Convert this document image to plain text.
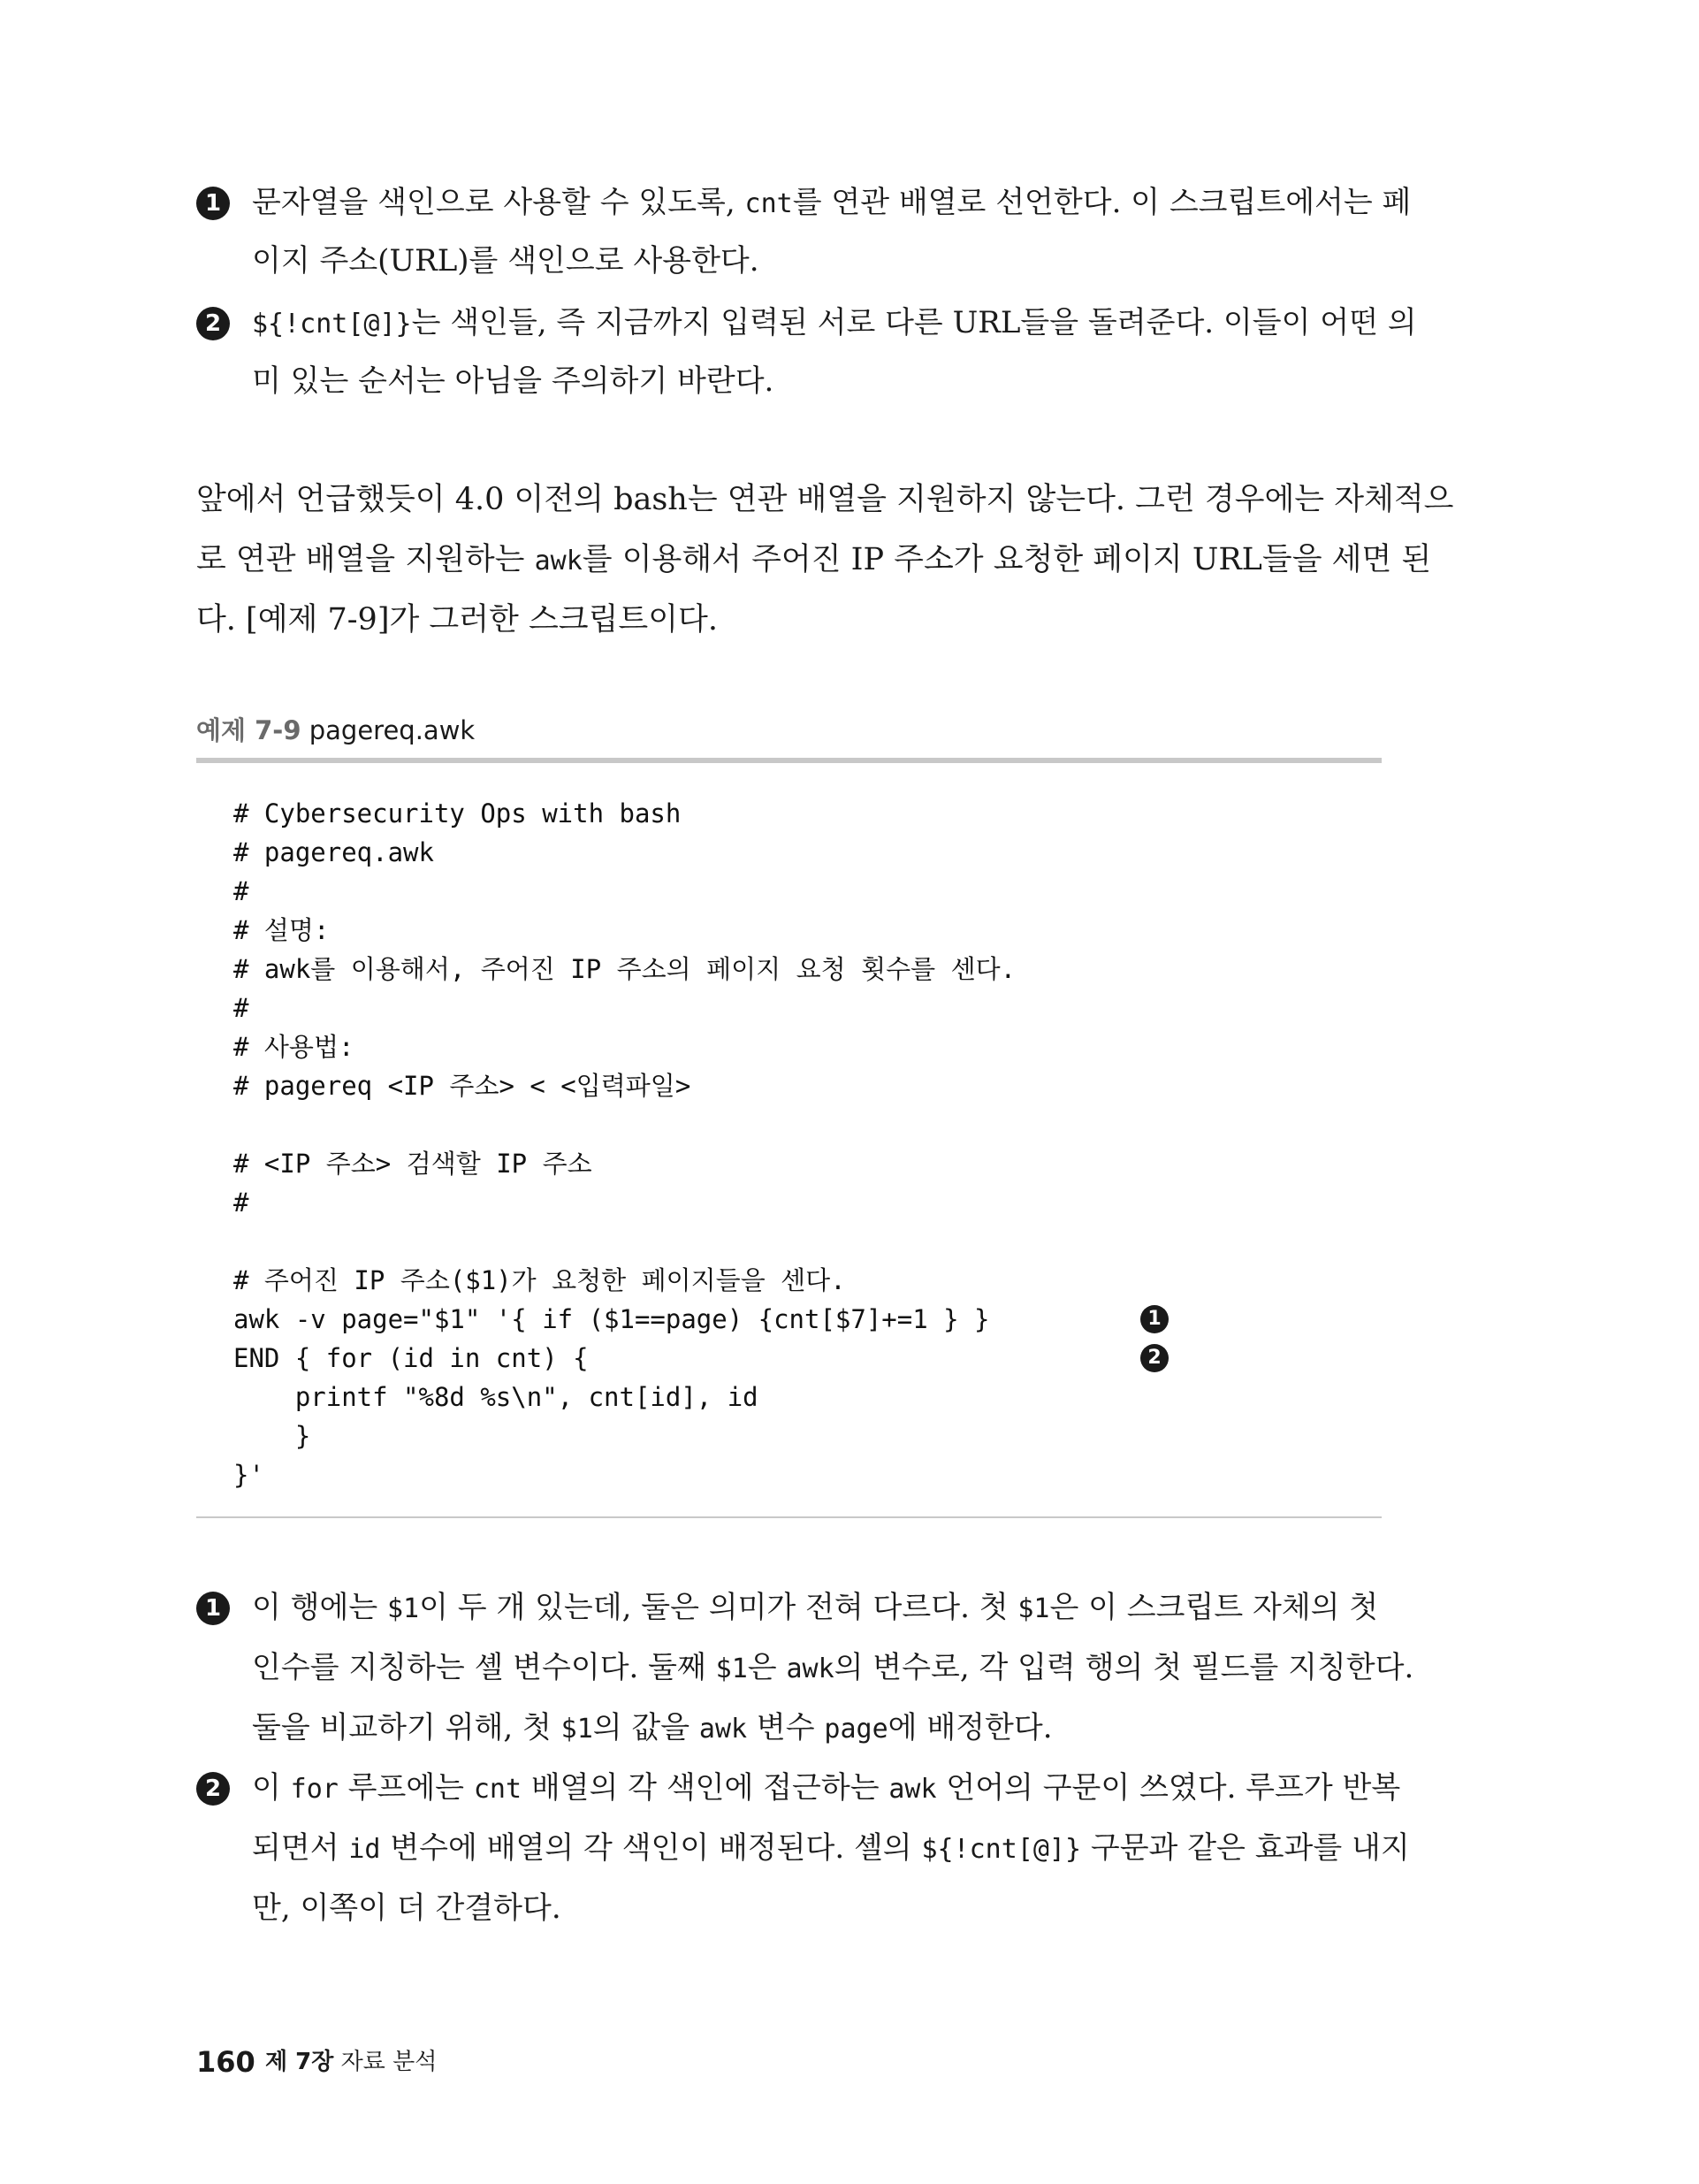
1 문자열을 색인으로 사용할 수 있도록, cnt를 연관 배열로 선언한다. 이 스크립트에서는 페
이지 주소(URL)를 색인으로 사용한다.
2	${!cnt[@]}는 색인들, 즉 지금까지 입력된 서로 다른 URL들을 돌려준다. 이들이 어떤 의
미 있는 순서는 아님을 주의하기 바란다.
앞에서 언급했듯이 4.0 이전의 bash는 연관 배열을 지원하지 않는다. 그런 경우에는 자체적으
로 연관 배열을 지원하는 awk를 이용해서 주어진 IP 주소가 요청한 페이지 URL들을 세면 된
다. [예제 7-9]가 그러한 스크립트이다.
예제 7-9 pagereq.awk
# Cybersecurity Ops with bash
# pagereq.awk
#
# 설명:
# awk를 이용해서, 주어진 IP 주소의 페이지 요청 횟수를 센다.
#
# 사용법:
# pagereq <IP 주소> < <입력파일>
# <IP 주소> 검색할 IP 주소
#
# 주어진 IP 주소($1)가 요청한 페이지들을 센다.
awk -v page="$1" '{ if ($1==page) {cnt[$7]+=1 } }
END { for (id in cnt) {
printf "%8d %s\n", cnt[id], id
}
}'
1
2
1 이 행에는 $1이 두 개 있는데, 둘은 의미가 전혀 다르다. 첫 $1은 이 스크립트 자체의 첫
인수를 지칭하는 셸 변수이다. 둘째 $1은 awk의 변수로, 각 입력 행의 첫 필드를 지칭한다.
둘을 비교하기 위해, 첫 $1의 값을 awk 변수 page에 배정한다.
2 이 for 루프에는 cnt 배열의 각 색인에 접근하는 awk 언어의 구문이 쓰였다. 루프가 반복
되면서 id 변수에 배열의 각 색인이 배정된다. 셸의 ${!cnt[@]} 구문과 같은 효과를 내지
만, 이쪽이 더 간결하다.
160 제 7장 자료 분석
